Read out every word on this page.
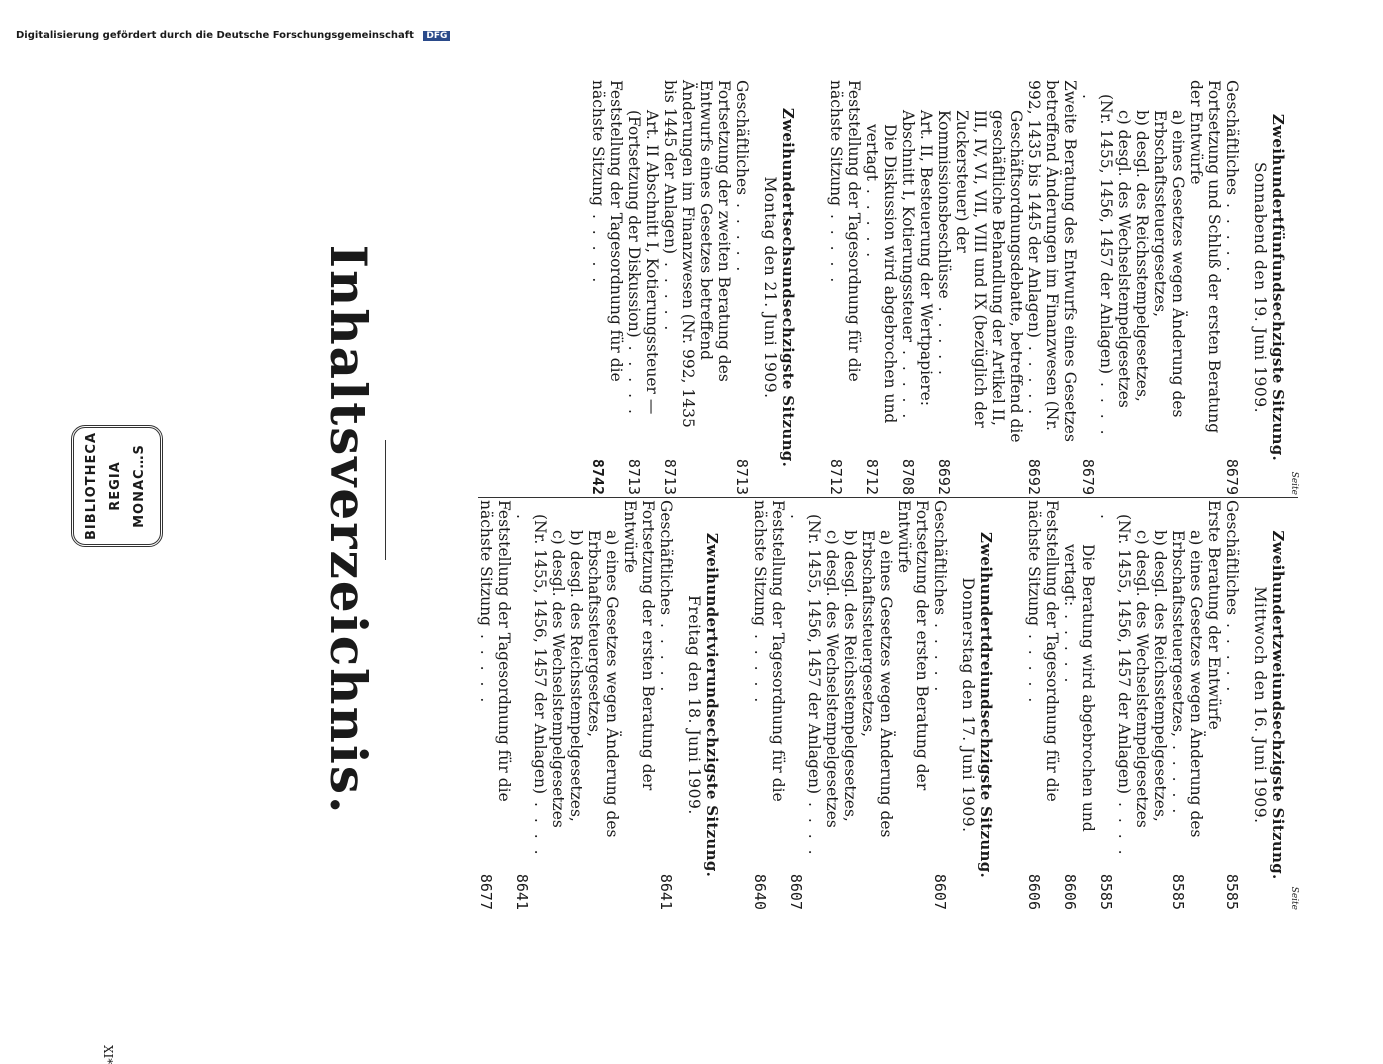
Digitalisierung gefördert durch die Deutsche Forschungsgemeinschaft DFG
BIBLIOTHECA REGIA MONAC…S	Inhaltsverzeichnis.
Seite
Zweihundertzweiundsechzigste Sitzung.
Mittwoch den 16. Juni 1909.
Geschäftliches . . . . .
8585
Erste Beratung der Entwürfe
a) eines Gesetzes wegen Änderung des Erbschaftssteuergesetzes, . . . . .
8585
b) desgl. des Reichsstempelgesetzes,
c) desgl. des Wechselstempelgesetzes
(Nr. 1455, 1456, 1457 der Anlagen) . . . . .
8585
Die Beratung wird abgebrochen und vertagt: . . . . .
8606
Feststellung der Tagesordnung für die nächste Sitzung . . . . .
8606
Zweihundertdreiundsechzigste Sitzung.
Donnerstag den 17. Juni 1909.
Geschäftliches . . . . .
8607
Fortsetzung der ersten Beratung der Entwürfe
a) eines Gesetzes wegen Änderung des Erbschaftssteuergesetzes,
b) desgl. des Reichsstempelgesetzes,
c) desgl. des Wechselstempelgesetzes
(Nr. 1455, 1456, 1457 der Anlagen) . . . . .
8607
Feststellung der Tagesordnung für die nächste Sitzung . . . . .
8640
Zweihundertvierundsechzigste Sitzung.
Freitag den 18. Juni 1909.
Geschäftliches . . . . .
8641
Fortsetzung der ersten Beratung der Entwürfe
a) eines Gesetzes wegen Änderung des Erbschaftssteuergesetzes,
b) desgl. des Reichsstempelgesetzes,
c) desgl. des Wechselstempelgesetzes
(Nr. 1455, 1456, 1457 der Anlagen) . . . . .
8641
Feststellung der Tagesordnung für die nächste Sitzung . . . . .
8677
Seite
Zweihundertfünfundsechzigste Sitzung.
Sonnabend den 19. Juni 1909.
Geschäftliches . . . . .
8679
Fortsetzung und Schluß der ersten Beratung der Entwürfe
a) eines Gesetzes wegen Änderung des Erbschaftssteuergesetzes,
b) desgl. des Reichsstempelgesetzes,
c) desgl. des Wechselstempelgesetzes
(Nr. 1455, 1456, 1457 der Anlagen) . . . . .
8679
Zweite Beratung des Entwurfs eines Gesetzes betreffend Änderungen im Finanzwesen (Nr. 992, 1435 bis 1445 der Anlagen) . . . . .
8692
Geschäftsordnungsdebatte, betreffend die geschäftliche Behandlung der Artikel II, III, IV, VI, VII, VIII und IX (bezüglich der Zuckersteuer) der Kommissionsbeschlüsse . . . . .
8692
Art. II, Besteuerung der Wertpapiere:
Abschnitt I, Kotierungssteuer . . . . .
8708
Die Diskussion wird abgebrochen und vertagt . . . . .
8712
Feststellung der Tagesordnung für die nächste Sitzung . . . . .
8712
Zweihundertsechsundsechzigste Sitzung.
Montag den 21. Juni 1909.
Geschäftliches . . . . .
8713
Fortsetzung der zweiten Beratung des Entwurfs eines Gesetzes betreffend Änderungen im Finanzwesen (Nr. 992, 1435 bis 1445 der Anlagen) . . . . .
8713
Art. II Abschnitt I, Kotierungssteuer — (Fortsetzung der Diskussion) . . . . .
8713
Feststellung der Tagesordnung für die nächste Sitzung . . . . .
8742
XI*
